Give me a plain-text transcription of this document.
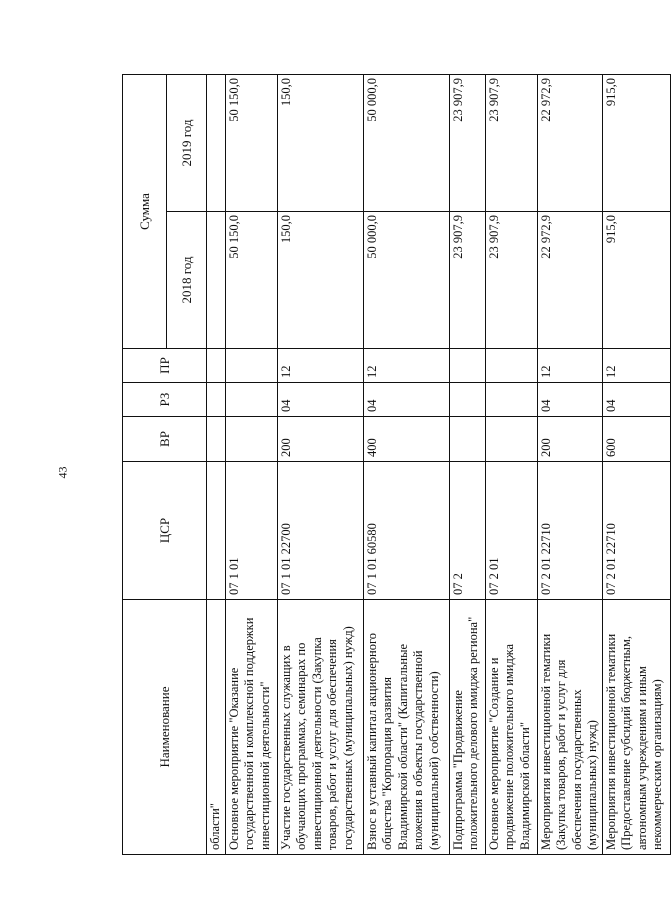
43
Наименование	ЦСР	ВР	РЗ	ПР	Сумма	
					2018 год	2019 год
области"						
Основное мероприятие "Оказание государственной и комплексной поддержки инвестиционной деятельности"	07 1 01				50 150,0	50 150,0
Участие государственных служащих в обучающих программах, семинарах по инвестиционной деятельности (Закупка товаров, работ и услуг для обеспечения государственных (муниципальных) нужд)	07 1 01 22700	200	04	12	150,0	150,0
Взнос в уставный капитал акционерного общества "Корпорация развития Владимирской области" (Капитальные вложения в объекты государственной (муниципальной) собственности)	07 1 01 60580	400	04	12	50 000,0	50 000,0
Подпрограмма "Продвижение положительного делового имиджа региона"	07 2				23 907,9	23 907,9
Основное мероприятие "Создание и продвижение положительного имиджа Владимирской области"	07 2 01				23 907,9	23 907,9
Мероприятия инвестиционной тематики (Закупка товаров, работ и услуг для обеспечения государственных (муниципальных) нужд)	07 2 01 22710	200	04	12	22 972,9	22 972,9
Мероприятия инвестиционной тематики (Предоставление субсидий бюджетным, автономным учреждениям и иным некоммерческим организациям)	07 2 01 22710	600	04	12	915,0	915,0
